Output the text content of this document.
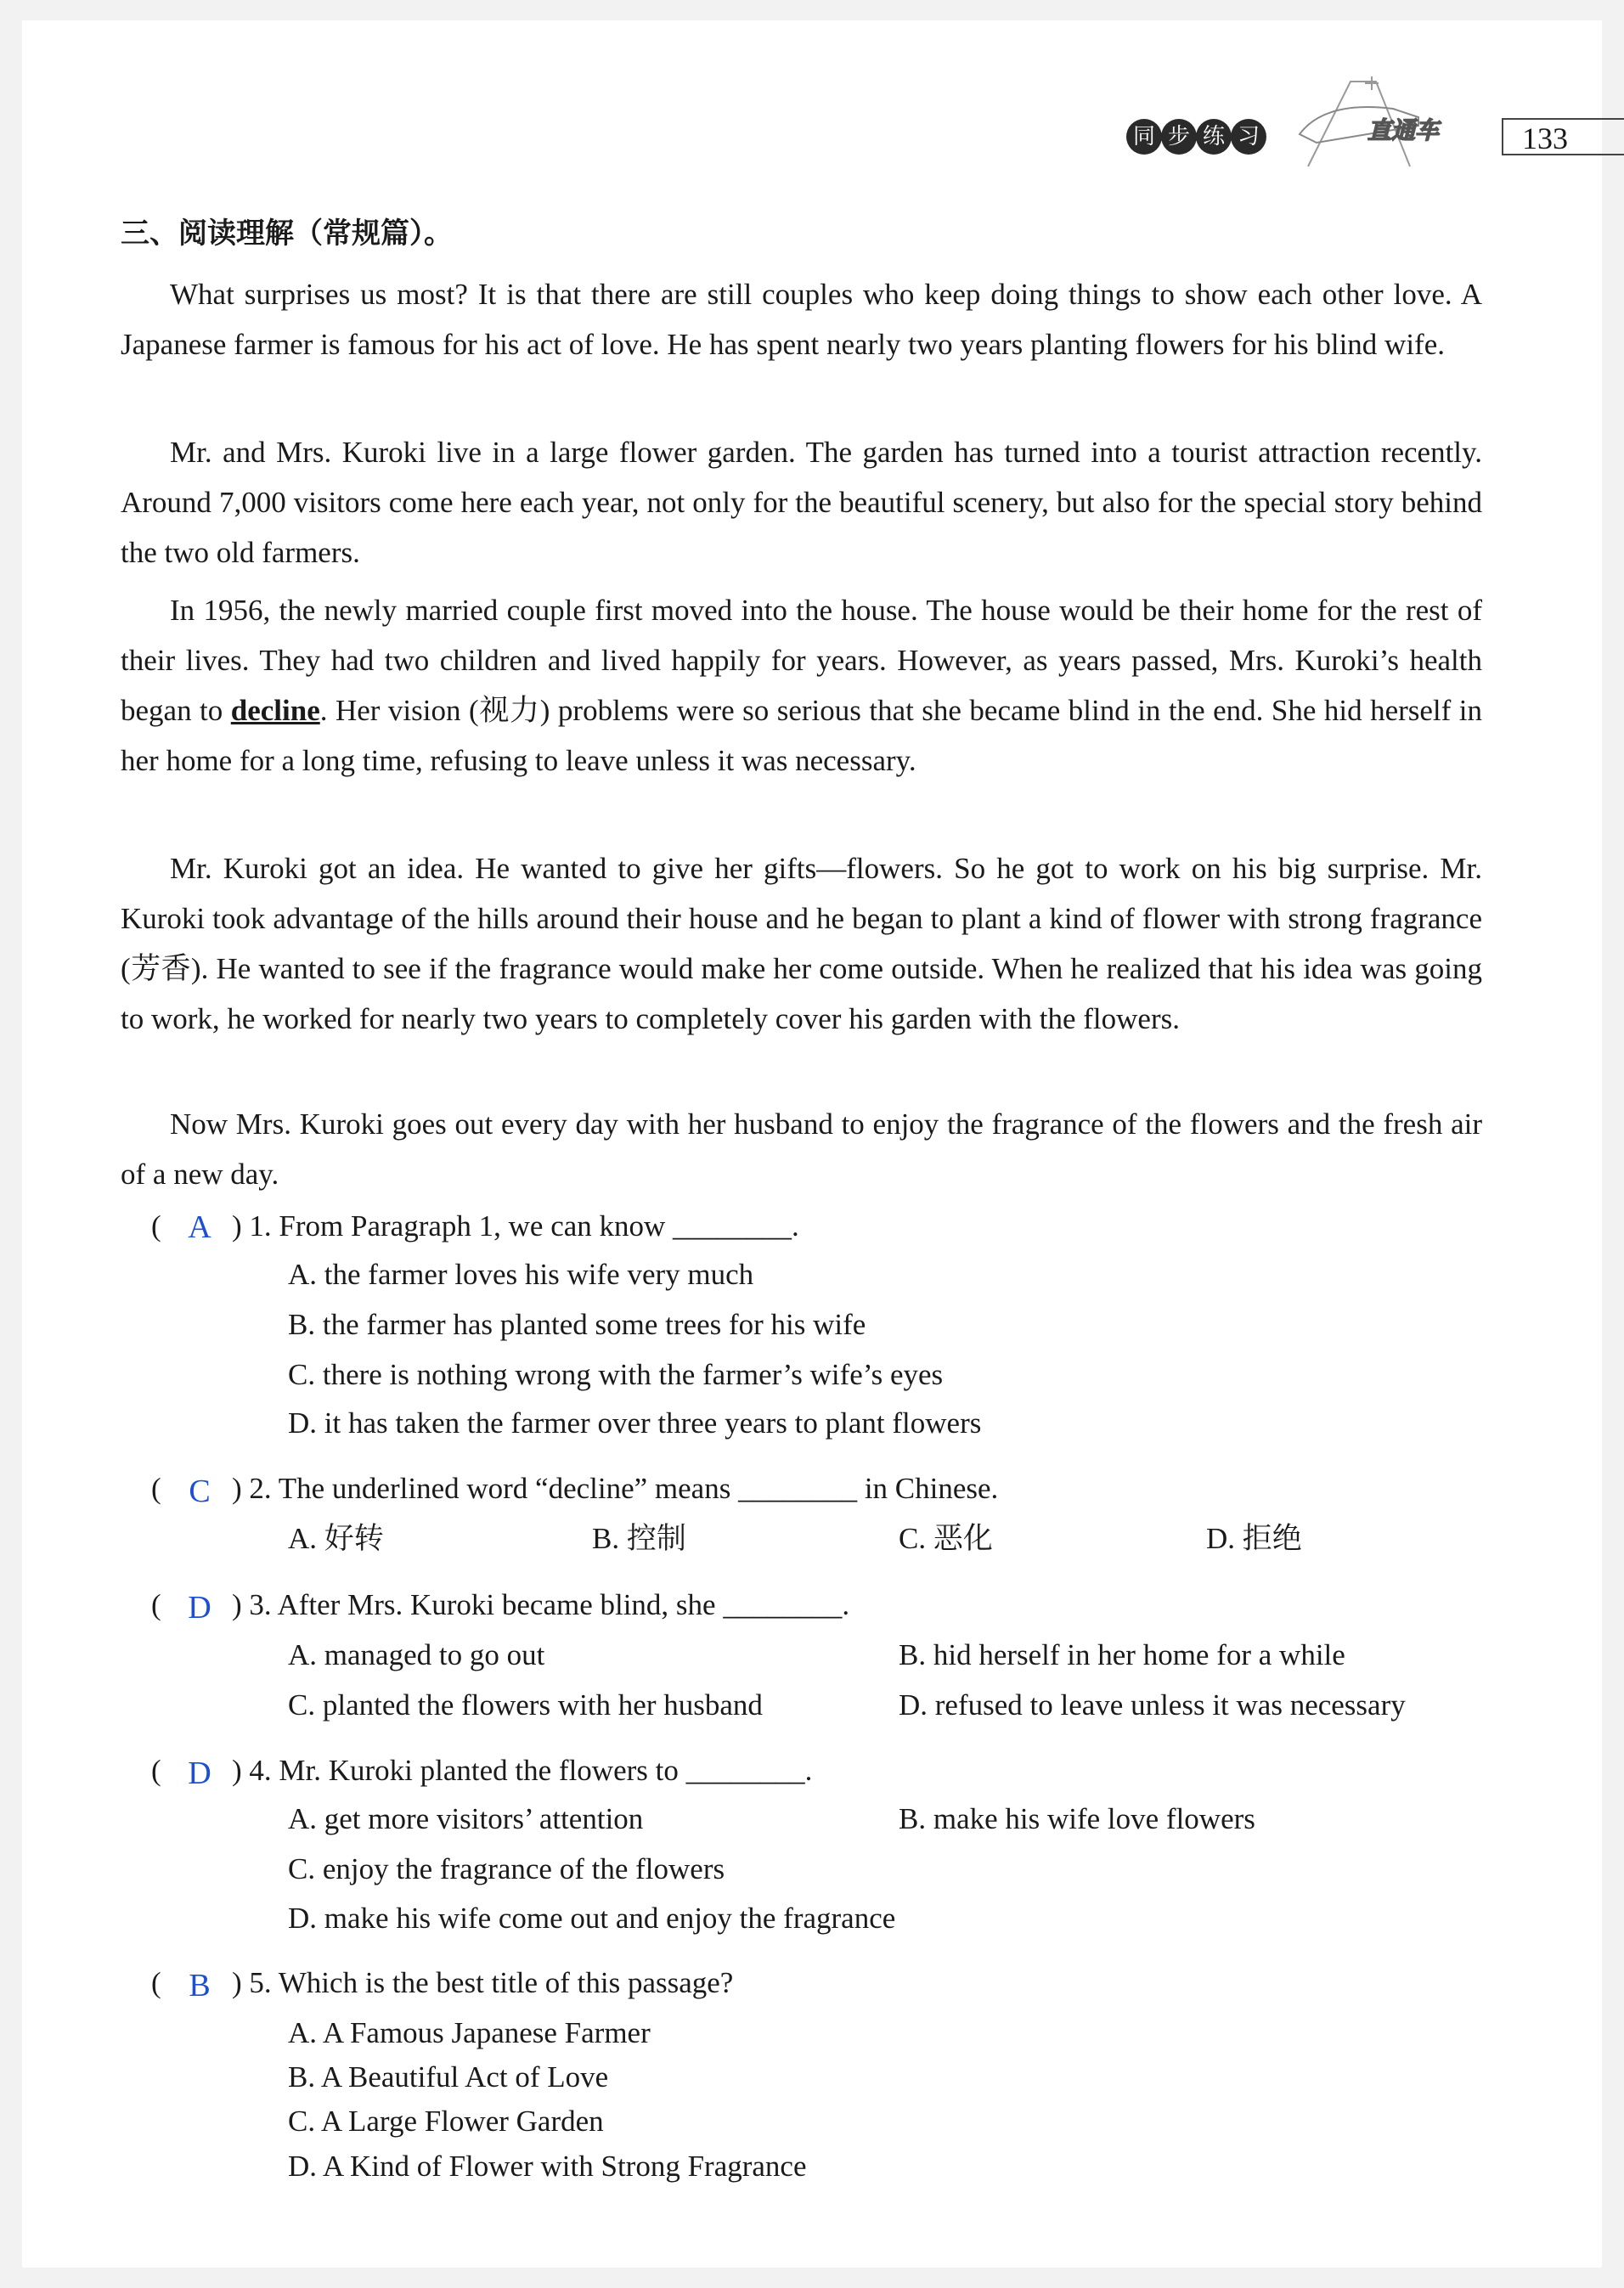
同 步 练 习	直通车	133
三、阅读理解（常规篇）。

What surprises us most? It is that there are still couples who keep doing things to show each other love. A Japanese farmer is famous for his act of love. He has spent nearly two years planting flowers for his blind wife.

Mr. and Mrs. Kuroki live in a large flower garden. The garden has turned into a tourist attraction recently. Around 7,000 visitors come here each year, not only for the beautiful scenery, but also for the special story behind the two old farmers.

In 1956, the newly married couple first moved into the house. The house would be their home for the rest of their lives. They had two children and lived happily for years. However, as years passed, Mrs. Kuroki’s health began to decline. Her vision (视力) problems were so serious that she became blind in the end. She hid herself in her home for a long time, refusing to leave unless it was necessary.

Mr. Kuroki got an idea. He wanted to give her gifts—flowers. So he got to work on his big surprise. Mr. Kuroki took advantage of the hills around their house and he began to plant a kind of flower with strong fragrance (芳香). He wanted to see if the fragrance would make her come outside. When he realized that his idea was going to work, he worked for nearly two years to completely cover his garden with the flowers.

Now Mrs. Kuroki goes out every day with her husband to enjoy the fragrance of the flowers and the fresh air of a new day.

( A ) 1. From Paragraph 1, we can know ________.
A. the farmer loves his wife very much
B. the farmer has planted some trees for his wife
C. there is nothing wrong with the farmer’s wife’s eyes
D. it has taken the farmer over three years to plant flowers
( C ) 2. The underlined word “decline” means ________ in Chinese.
A. 好转	B. 控制	C. 恶化	D. 拒绝
( D ) 3. After Mrs. Kuroki became blind, she ________.
A. managed to go out	B. hid herself in her home for a while
C. planted the flowers with her husband	D. refused to leave unless it was necessary
( D ) 4. Mr. Kuroki planted the flowers to ________.
A. get more visitors’ attention	B. make his wife love flowers
C. enjoy the fragrance of the flowers
D. make his wife come out and enjoy the fragrance
( B ) 5. Which is the best title of this passage?
A. A Famous Japanese Farmer
B. A Beautiful Act of Love
C. A Large Flower Garden
D. A Kind of Flower with Strong Fragrance
